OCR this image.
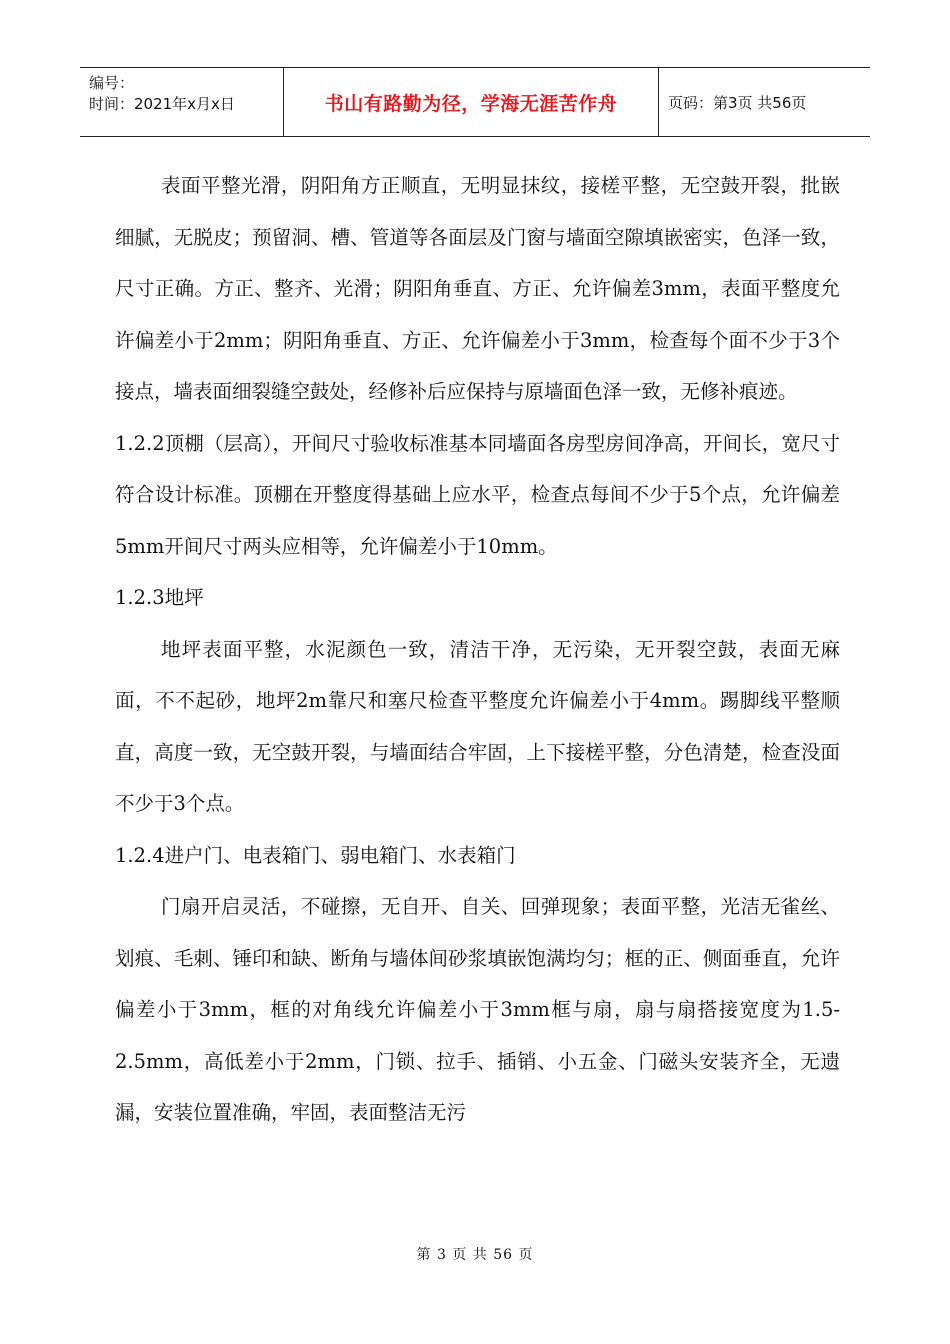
编号：
时间：2021年x月x日	书山有路勤为径，学海无涯苦作舟	页码：第3页 共56页

表面平整光滑，阴阳角方正顺直，无明显抹纹，接槎平整，无空鼓开裂，批嵌细腻，无脱皮；预留洞、槽、管道等各面层及门窗与墙面空隙填嵌密实，色泽一致，尺寸正确。方正、整齐、光滑；阴阳角垂直、方正、允许偏差3mm，表面平整度允许偏差小于2mm；阴阳角垂直、方正、允许偏差小于3mm，检查每个面不少于3个接点，墙表面细裂缝空鼓处，经修补后应保持与原墙面色泽一致，无修补痕迹。

1.2.2顶棚（层高），开间尺寸验收标准基本同墙面各房型房间净高，开间长，宽尺寸符合设计标准。顶棚在开整度得基础上应水平，检查点每间不少于5个点，允许偏差5mm开间尺寸两头应相等，允许偏差小于10mm。

1.2.3地坪

地坪表面平整，水泥颜色一致，清洁干净，无污染，无开裂空鼓，表面无麻面，不不起砂，地坪2m靠尺和塞尺检查平整度允许偏差小于4mm。踢脚线平整顺直，高度一致，无空鼓开裂，与墙面结合牢固，上下接槎平整，分色清楚，检查没面不少于3个点。

1.2.4进户门、电表箱门、弱电箱门、水表箱门

门扇开启灵活，不碰擦，无自开、自关、回弹现象；表面平整，光洁无雀丝、划痕、毛刺、锤印和缺、断角与墙体间砂浆填嵌饱满均匀；框的正、侧面垂直，允许偏差小于3mm，框的对角线允许偏差小于3mm框与扇，扇与扇搭接宽度为1.5-2.5mm，高低差小于2mm，门锁、拉手、插销、小五金、门磁头安装齐全，无遗漏，安装位置准确，牢固，表面整洁无污

第 3 页 共 56 页
